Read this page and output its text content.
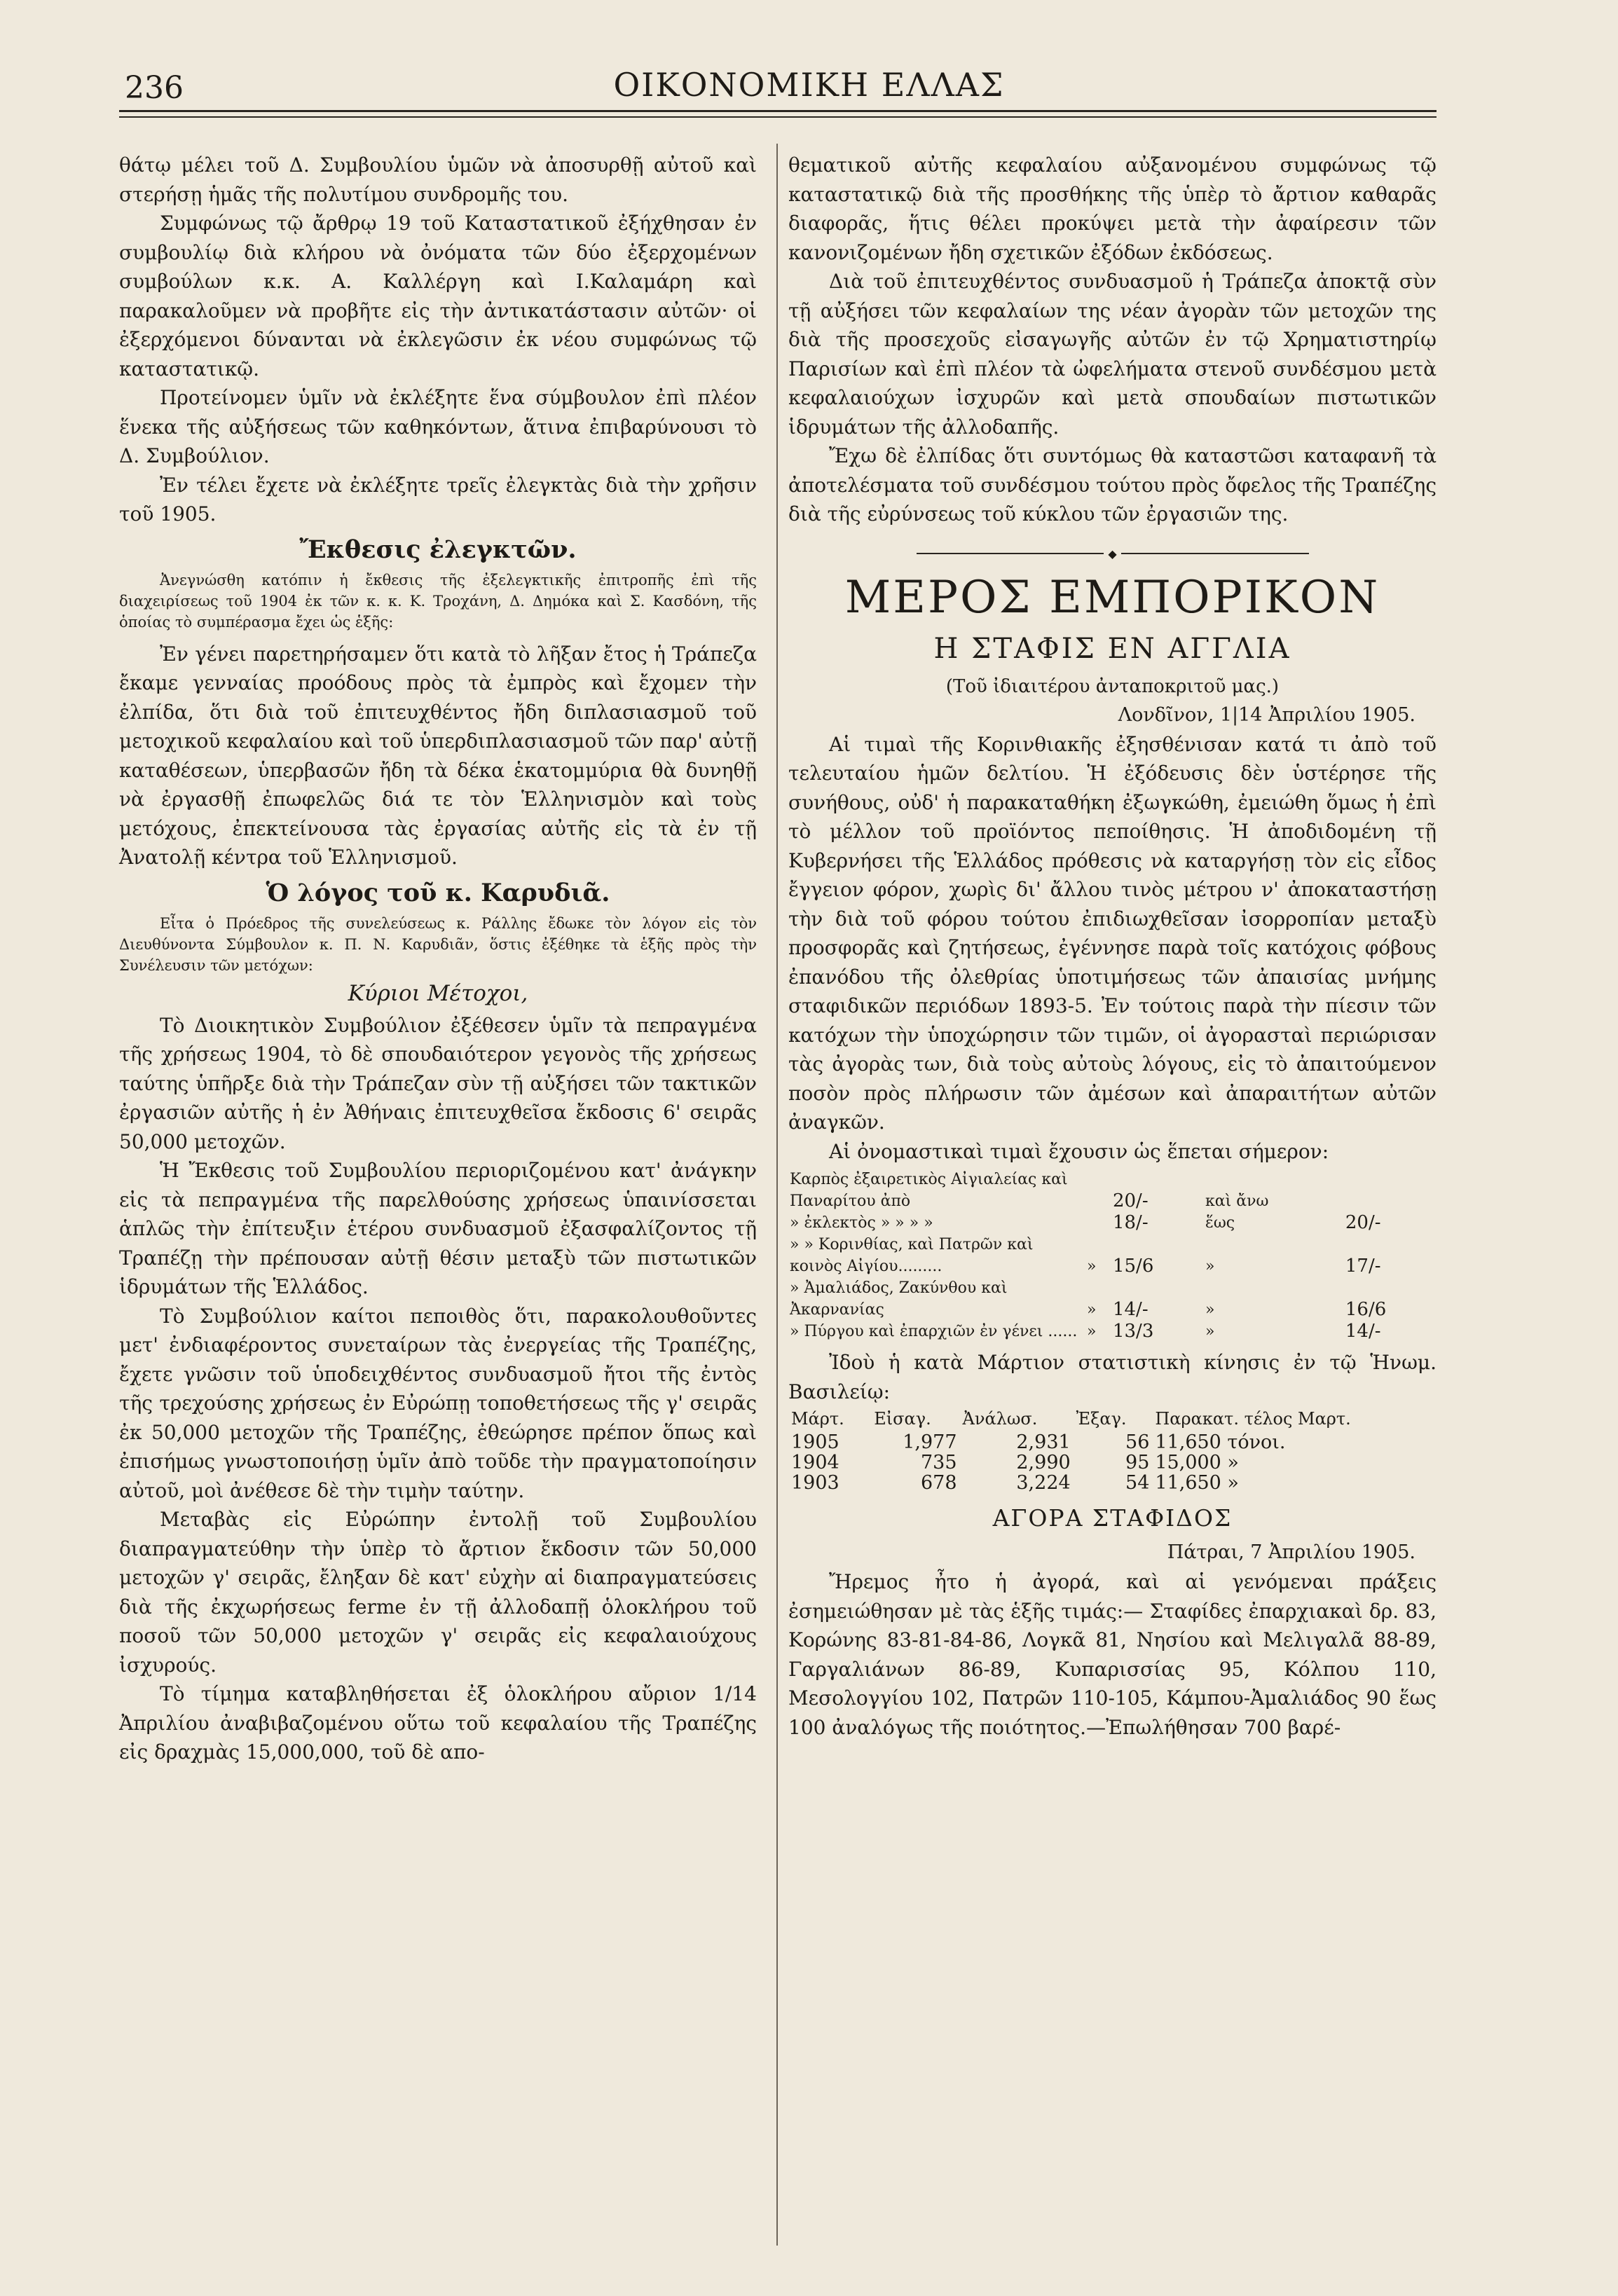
236	ΟΙΚΟΝΟΜΙΚΗ ΕΛΛΑΣ

θάτῳ μέλει τοῦ Δ. Συμβουλίου ὑμῶν νὰ ἀποσυρθῇ αὐτοῦ καὶ στερήσῃ ἡμᾶς τῆς πολυτίμου συνδρομῆς του.

Συμφώνως τῷ ἄρθρῳ 19 τοῦ Καταστατικοῦ ἐξήχθησαν ἐν συμβουλίῳ διὰ κλήρου νὰ ὀνόματα τῶν δύο ἐξερχομένων συμβούλων κ.κ. Α. Καλλέργη καὶ Ι.Καλαμάρη καὶ παρακαλοῦμεν νὰ προβῆτε εἰς τὴν ἀντικατάστασιν αὐτῶν· οἱ ἐξερχόμενοι δύνανται νὰ ἐκλεγῶσιν ἐκ νέου συμφώνως τῷ καταστατικῷ.

Προτείνομεν ὑμῖν νὰ ἐκλέξητε ἕνα σύμβουλον ἐπὶ πλέον ἕνεκα τῆς αὐξήσεως τῶν καθηκόντων, ἅτινα ἐπιβαρύνουσι τὸ Δ. Συμβούλιον.

Ἐν τέλει ἔχετε νὰ ἐκλέξητε τρεῖς ἐλεγκτὰς διὰ τὴν χρῆσιν τοῦ 1905.

Ἔκθεσις ἐλεγκτῶν.

Ἀνεγνώσθη κατόπιν ἡ ἔκθεσις τῆς ἐξελεγκτικῆς ἐπιτροπῆς ἐπὶ τῆς διαχειρίσεως τοῦ 1904 ἐκ τῶν κ. κ. Κ. Τροχάνη, Δ. Δημόκα καὶ Σ. Κασδόνη, τῆς ὁποίας τὸ συμπέρασμα ἔχει ὡς ἑξῆς:

Ἐν γένει παρετηρήσαμεν ὅτι κατὰ τὸ λῆξαν ἔτος ἡ Τράπεζα ἔκαμε γενναίας προόδους πρὸς τὰ ἐμπρὸς καὶ ἔχομεν τὴν ἐλπίδα, ὅτι διὰ τοῦ ἐπιτευχθέντος ἤδη διπλασιασμοῦ τοῦ μετοχικοῦ κεφαλαίου καὶ τοῦ ὑπερδιπλασιασμοῦ τῶν παρ' αὐτῇ καταθέσεων, ὑπερβασῶν ἤδη τὰ δέκα ἑκατομμύρια θὰ δυνηθῇ νὰ ἐργασθῇ ἐπωφελῶς διά τε τὸν Ἑλληνισμὸν καὶ τοὺς μετόχους, ἐπεκτείνουσα τὰς ἐργασίας αὐτῆς εἰς τὰ ἐν τῇ Ἀνατολῇ κέντρα τοῦ Ἑλληνισμοῦ.

Ὁ λόγος τοῦ κ. Καρυδιᾶ.

Εἶτα ὁ Πρόεδρος τῆς συνελεύσεως κ. Ράλλης ἔδωκε τὸν λόγον εἰς τὸν Διευθύνοντα Σύμβουλον κ. Π. Ν. Καρυδιᾶν, ὅστις ἐξέθηκε τὰ ἑξῆς πρὸς τὴν Συνέλευσιν τῶν μετόχων:

Κύριοι Μέτοχοι,

Τὸ Διοικητικὸν Συμβούλιον ἐξέθεσεν ὑμῖν τὰ πεπραγμένα τῆς χρήσεως 1904, τὸ δὲ σπουδαιότερον γεγονὸς τῆς χρήσεως ταύτης ὑπῆρξε διὰ τὴν Τράπεζαν σὺν τῇ αὐξήσει τῶν τακτικῶν ἐργασιῶν αὐτῆς ἡ ἐν Ἀθήναις ἐπιτευχθεῖσα ἔκδοσις 6' σειρᾶς 50,000 μετοχῶν.

Ἡ Ἔκθεσις τοῦ Συμβουλίου περιοριζομένου κατ' ἀνάγκην εἰς τὰ πεπραγμένα τῆς παρελθούσης χρήσεως ὑπαινίσσεται ἁπλῶς τὴν ἐπίτευξιν ἑτέρου συνδυασμοῦ ἐξασφαλίζοντος τῇ Τραπέζῃ τὴν πρέπουσαν αὐτῇ θέσιν μεταξὺ τῶν πιστωτικῶν ἱδρυμάτων τῆς Ἑλλάδος.

Τὸ Συμβούλιον καίτοι πεποιθὸς ὅτι, παρακολουθοῦντες μετ' ἐνδιαφέροντος συνεταίρων τὰς ἐνεργείας τῆς Τραπέζης, ἔχετε γνῶσιν τοῦ ὑποδειχθέντος συνδυασμοῦ ἤτοι τῆς ἐντὸς τῆς τρεχούσης χρήσεως ἐν Εὐρώπῃ τοποθετήσεως τῆς γ' σειρᾶς ἐκ 50,000 μετοχῶν τῆς Τραπέζης, ἐθεώρησε πρέπον ὅπως καὶ ἐπισήμως γνωστοποιήσῃ ὑμῖν ἀπὸ τοῦδε τὴν πραγματοποίησιν αὐτοῦ, μοὶ ἀνέθεσε δὲ τὴν τιμὴν ταύτην.

Μεταβὰς εἰς Εὐρώπην ἐντολῇ τοῦ Συμβουλίου διαπραγματεύθην τὴν ὑπὲρ τὸ ἄρτιον ἔκδοσιν τῶν 50,000 μετοχῶν γ' σειρᾶς, ἔληξαν δὲ κατ' εὐχὴν αἱ διαπραγματεύσεις διὰ τῆς ἐκχωρήσεως ferme ἐν τῇ ἀλλοδαπῇ ὁλοκλήρου τοῦ ποσοῦ τῶν 50,000 μετοχῶν γ' σειρᾶς εἰς κεφαλαιούχους ἰσχυρούς.

Τὸ τίμημα καταβληθήσεται ἐξ ὁλοκλήρου αὔριον 1/14 Ἀπριλίου ἀναβιβαζομένου οὕτω τοῦ κεφαλαίου τῆς Τραπέζης εἰς δραχμὰς 15,000,000, τοῦ δὲ απο-

θεματικοῦ αὐτῆς κεφαλαίου αὐξανομένου συμφώνως τῷ καταστατικῷ διὰ τῆς προσθήκης τῆς ὑπὲρ τὸ ἄρτιον καθαρᾶς διαφορᾶς, ἥτις θέλει προκύψει μετὰ τὴν ἀφαίρεσιν τῶν κανονιζομένων ἤδη σχετικῶν ἐξόδων ἐκδόσεως.

Διὰ τοῦ ἐπιτευχθέντος συνδυασμοῦ ἡ Τράπεζα ἀποκτᾷ σὺν τῇ αὐξήσει τῶν κεφαλαίων της νέαν ἀγορὰν τῶν μετοχῶν της διὰ τῆς προσεχοῦς εἰσαγωγῆς αὐτῶν ἐν τῷ Χρηματιστηρίῳ Παρισίων καὶ ἐπὶ πλέον τὰ ὠφελήματα στενοῦ συνδέσμου μετὰ κεφαλαιούχων ἰσχυρῶν καὶ μετὰ σπουδαίων πιστωτικῶν ἱδρυμάτων τῆς ἀλλοδαπῆς.

Ἔχω δὲ ἐλπίδας ὅτι συντόμως θὰ καταστῶσι καταφανῆ τὰ ἀποτελέσματα τοῦ συνδέσμου τούτου πρὸς ὄφελος τῆς Τραπέζης διὰ τῆς εὐρύνσεως τοῦ κύκλου τῶν ἐργασιῶν της.

◆
ΜΕΡΟΣ ΕΜΠΟΡΙΚΟΝ
Η ΣΤΑΦΙΣ ΕΝ ΑΓΓΛΙΑ
(Τοῦ ἰδιαιτέρου ἀνταποκριτοῦ μας.)
Λονδῖνον, 1|14 Ἀπριλίου 1905.

Αἱ τιμαὶ τῆς Κορινθιακῆς ἐξησθένισαν κατά τι ἀπὸ τοῦ τελευταίου ἡμῶν δελτίου. Ἡ ἐξόδευσις δὲν ὑστέρησε τῆς συνήθους, οὐδ' ἡ παρακαταθήκη ἐξωγκώθη, ἐμειώθη ὅμως ἡ ἐπὶ τὸ μέλλον τοῦ προϊόντος πεποίθησις. Ἡ ἀποδιδομένη τῇ Κυβερνήσει τῆς Ἑλλάδος πρόθεσις νὰ καταργήσῃ τὸν εἰς εἶδος ἔγγειον φόρον, χωρὶς δι' ἄλλου τινὸς μέτρου ν' ἀποκαταστήσῃ τὴν διὰ τοῦ φόρου τούτου ἐπιδιωχθεῖσαν ἰσορροπίαν μεταξὺ προσφορᾶς καὶ ζητήσεως, ἐγέννησε παρὰ τοῖς κατόχοις φόβους ἐπανόδου τῆς ὀλεθρίας ὑποτιμήσεως τῶν ἀπαισίας μνήμης σταφιδικῶν περιόδων 1893-5. Ἐν τούτοις παρὰ τὴν πίεσιν τῶν κατόχων τὴν ὑποχώρησιν τῶν τιμῶν, οἱ ἀγορασταὶ περιώρισαν τὰς ἀγορὰς των, διὰ τοὺς αὐτοὺς λόγους, εἰς τὸ ἀπαιτούμενον ποσὸν πρὸς πλήρωσιν τῶν ἀμέσων καὶ ἀπαραιτήτων αὐτῶν ἀναγκῶν.

Αἱ ὀνομαστικαὶ τιμαὶ ἔχουσιν ὡς ἕπεται σήμερον:

Καρπὸς ἐξαιρετικὸς Αἰγιαλείας καὶ Παναρίτου ἀπὸ		20/-	καὶ ἄνω	
» ἐκλεκτὸς » » » »		18/-	ἕως	20/-
» » Κορινθίας, καὶ Πατρῶν καὶ κοινὸς Αἰγίου.........	»	15/6	»	17/-
» Ἀμαλιάδος, Ζακύνθου καὶ Ἀκαρνανίας	»	14/-	»	16/6
» Πύργου καὶ ἐπαρχιῶν ἐν γένει ......	»	13/3	»	14/-

Ἰδοὺ ἡ κατὰ Μάρτιον στατιστικὴ κίνησις ἐν τῷ Ἡνωμ. Βασιλείῳ:

Μάρτ.	Εἰσαγ.	Ἀνάλωσ.	Ἐξαγ.	Παρακατ. τέλος Μαρτ.
1905	1,977	2,931	56	11,650 τόνοι.
1904	735	2,990	95	15,000 »
1903	678	3,224	54	11,650 »
ΑΓΟΡΑ ΣΤΑΦΙΔΟΣ
Πάτραι, 7 Ἀπριλίου 1905.

Ἤρεμος ἦτο ἡ ἀγορά, καὶ αἱ γενόμεναι πράξεις ἐσημειώθησαν μὲ τὰς ἑξῆς τιμάς:— Σταφίδες ἐπαρχιακαὶ δρ. 83, Κορώνης 83-81-84-86, Λογκᾶ 81, Νησίου καὶ Μελιγαλᾶ 88-89, Γαργαλιάνων 86-89, Κυπαρισσίας 95, Κόλπου 110, Μεσολογγίου 102, Πατρῶν 110-105, Κάμπου-Ἀμαλιάδος 90 ἕως 100 ἀναλόγως τῆς ποιότητος.—Ἐπωλήθησαν 700 βαρέ-
